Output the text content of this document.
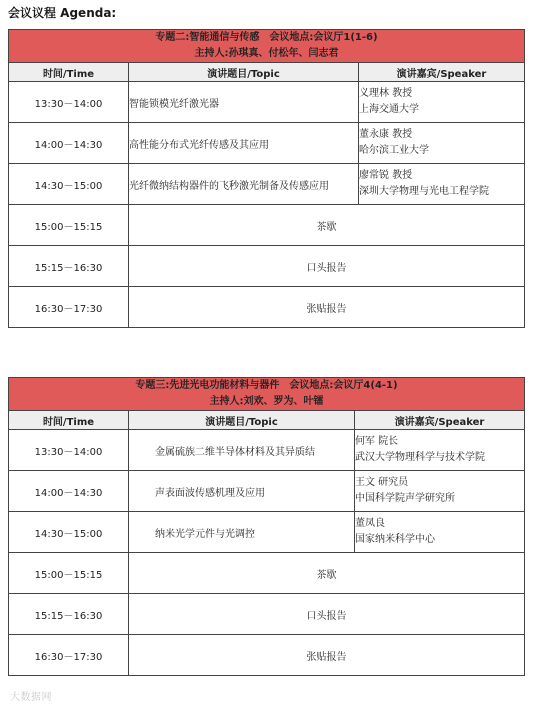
会议议程 Agenda:
专题二:智能通信与传感　会议地点:会议厅1(1-6)
主持人:孙琪真、付松年、闫志君		

时间/Time	演讲题目/Topic	演讲嘉宾/Speaker
13:30－14:00	智能锁模光纤激光器	义理林 教授
上海交通大学

14:00－14:30	高性能分布式光纤传感及其应用	董永康 教授
哈尔滨工业大学

14:30－15:00	光纤微纳结构器件的飞秒激光制备及传感应用	廖常锐 教授
深圳大学物理与光电工程学院

15:00－15:15	茶歇	
15:15－16:30	口头报告	
16:30－17:30	张贴报告	
专题三:先进光电功能材料与器件　会议地点:会议厅4(4-1)
主持人:刘欢、罗为、叶镭		

时间/Time	演讲题目/Topic	演讲嘉宾/Speaker
13:30－14:00	金属硫族二维半导体材料及其异质结	何军 院长
武汉大学物理科学与技术学院

14:00－14:30	声表面波传感机理及应用	王文 研究员
中国科学院声学研究所

14:30－15:00	纳米光学元件与光调控	董凤良
国家纳米科学中心

15:00－15:15	茶歇	
15:15－16:30	口头报告	
16:30－17:30	张贴报告	
大数据网
